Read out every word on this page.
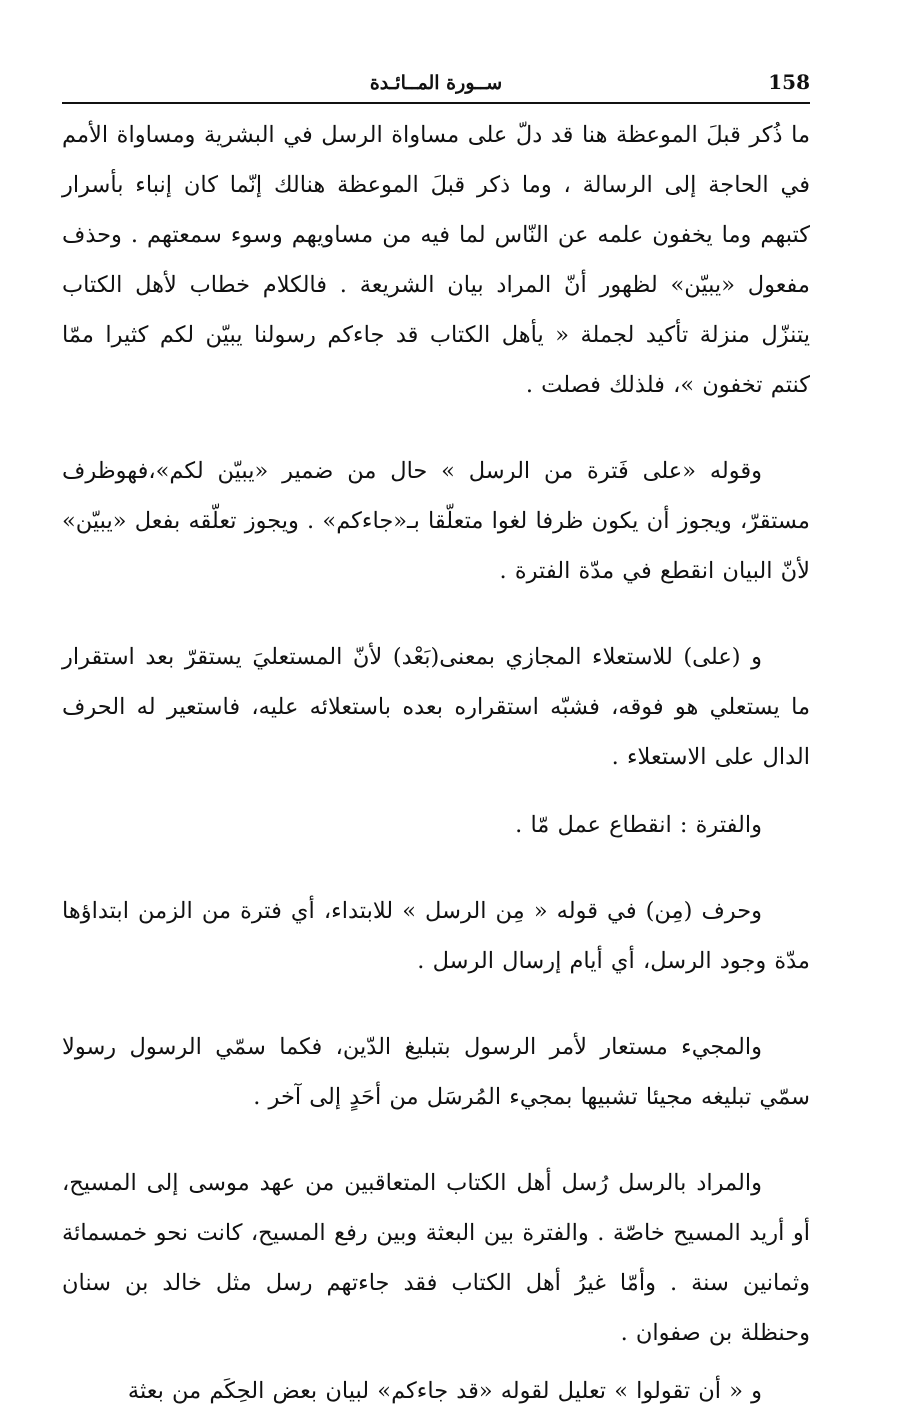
158
ســورة المــائـدة

ما ذُكر قبلَ الموعظة هنا قد دلّ على مساواة الرسل في البشرية ومساواة الأمم في الحاجة إلى الرسالة ، وما ذكر قبلَ الموعظة هنالك إنّما كان إنباء بأسرار كتبهم وما يخفون علمه عن النّاس لما فيه من مساويهم وسوء سمعتهم . وحذف مفعول «يبيّن» لظهور أنّ المراد بيان الشريعة . فالكلام خطاب لأهل الكتاب يتنزّل منزلة تأكيد لجملة « يأهل الكتاب قد جاءكم رسولنا يبيّن لكم كثيرا ممّا كنتم تخفون »، فلذلك فصلت .

وقوله «على فَترة من الرسل » حال من ضمير «يبيّن لكم»،فهوظرف مستقرّ، ويجوز أن يكون ظرفا لغوا متعلّقا بـ«جاءكم» . ويجوز تعلّقه بفعل «يبيّن» لأنّ البيان انقطع في مدّة الفترة .

و (على) للاستعلاء المجازي بمعنى(بَعْد) لأنّ المستعليَ يستقرّ بعد استقرار ما يستعلي هو فوقه، فشبّه استقراره بعده باستعلائه عليه، فاستعير له الحرف الدال على الاستعلاء .

والفترة : انقطاع عمل مّا .

وحرف (مِن) في قوله « مِن الرسل » للابتداء، أي فترة من الزمن ابتداؤها مدّة وجود الرسل، أي أيام إرسال الرسل .

والمجيء مستعار لأمر الرسول بتبليغ الدّين، فكما سمّي الرسول رسولا سمّي تبليغه مجيئا تشبيها بمجيء المُرسَل من أحَدٍ إلى آخر .

والمراد بالرسل رُسل أهل الكتاب المتعاقبين من عهد موسى إلى المسيح، أو أريد المسيح خاصّة . والفترة بين البعثة وبين رفع المسيح، كانت نحو خمسمائة وثمانين سنة . وأمّا غيرُ أهل الكتاب فقد جاءتهم رسل مثل خالد بن سنان وحنظلة بن صفوان .

و « أن تقولوا » تعليل لقوله «قد جاءكم» لبيان بعض الحِكَم من بعثة
